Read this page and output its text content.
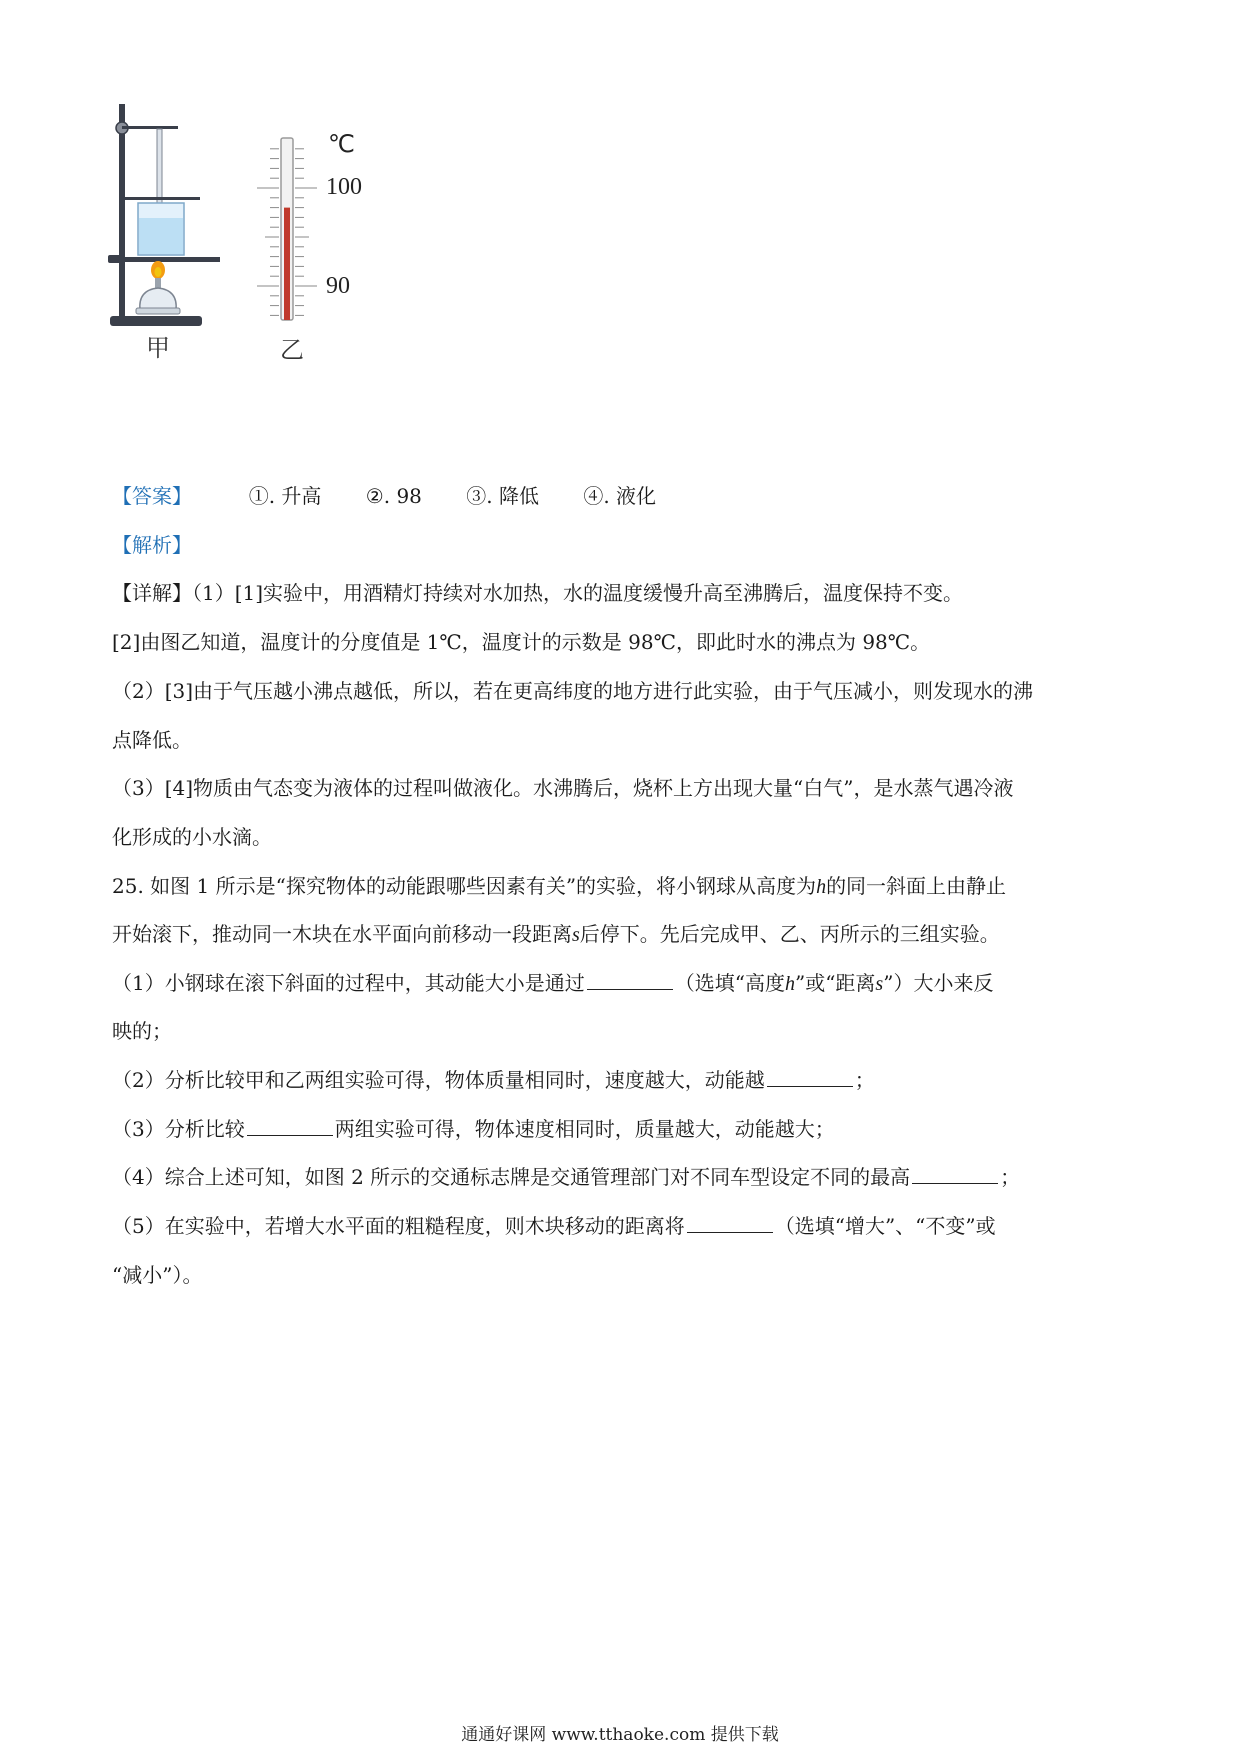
℃
100
90
甲	乙
【答案】	①. 升高 ②. 98 ③. 降低 ④. 液化
【解析】
【详解】（1）[1]实验中，用酒精灯持续对水加热，水的温度缓慢升高至沸腾后，温度保持不变。
[2]由图乙知道，温度计的分度值是 1℃，温度计的示数是 98℃，即此时水的沸点为 98℃。
（2）[3]由于气压越小沸点越低，所以，若在更高纬度的地方进行此实验，由于气压减小，则发现水的沸
点降低。
（3）[4]物质由气态变为液体的过程叫做液化。水沸腾后，烧杯上方出现大量“白气”，是水蒸气遇冷液
化形成的小水滴。
25. 如图 1 所示是“探究物体的动能跟哪些因素有关”的实验，将小钢球从高度为h的同一斜面上由静止
开始滚下，推动同一木块在水平面向前移动一段距离s后停下。先后完成甲、乙、丙所示的三组实验。
（1）小钢球在滚下斜面的过程中，其动能大小是通过	（选填“高度h”或“距离s”）大小来反
映的；
（2）分析比较甲和乙两组实验可得，物体质量相同时，速度越大，动能越	；
（3）分析比较	两组实验可得，物体速度相同时，质量越大，动能越大；
（4）综合上述可知，如图 2 所示的交通标志牌是交通管理部门对不同车型设定不同的最高	；
（5）在实验中，若增大水平面的粗糙程度，则木块移动的距离将	（选填“增大”、“不变”或
“减小”）。
通通好课网 www.tthaoke.com 提供下载
